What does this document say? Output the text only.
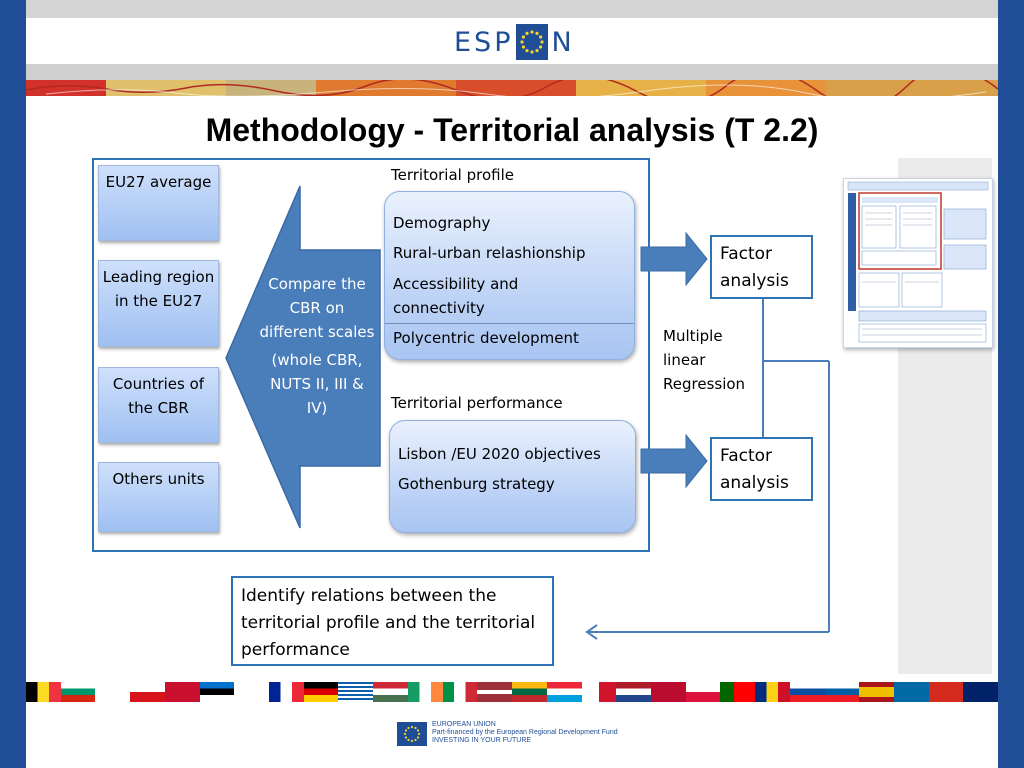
ESP N
Methodology - Territorial analysis (T 2.2)
EU27 average
Leading region in the EU27
Countries of the CBR
Others units
Compare the CBR on different scales
(whole CBR, NUTS II, III & IV)
Territorial profile
Demography
Rural-urban relashionship
Accessibility and connectivity
Polycentric development
Territorial performance
Lisbon /EU 2020 objectives
Gothenburg strategy
Factor analysis
Factor analysis
Multiple linear Regression
Identify relations between the territorial profile and the territorial performance
EUROPEAN UNION
Part-financed by the European Regional Development Fund
INVESTING IN YOUR FUTURE
